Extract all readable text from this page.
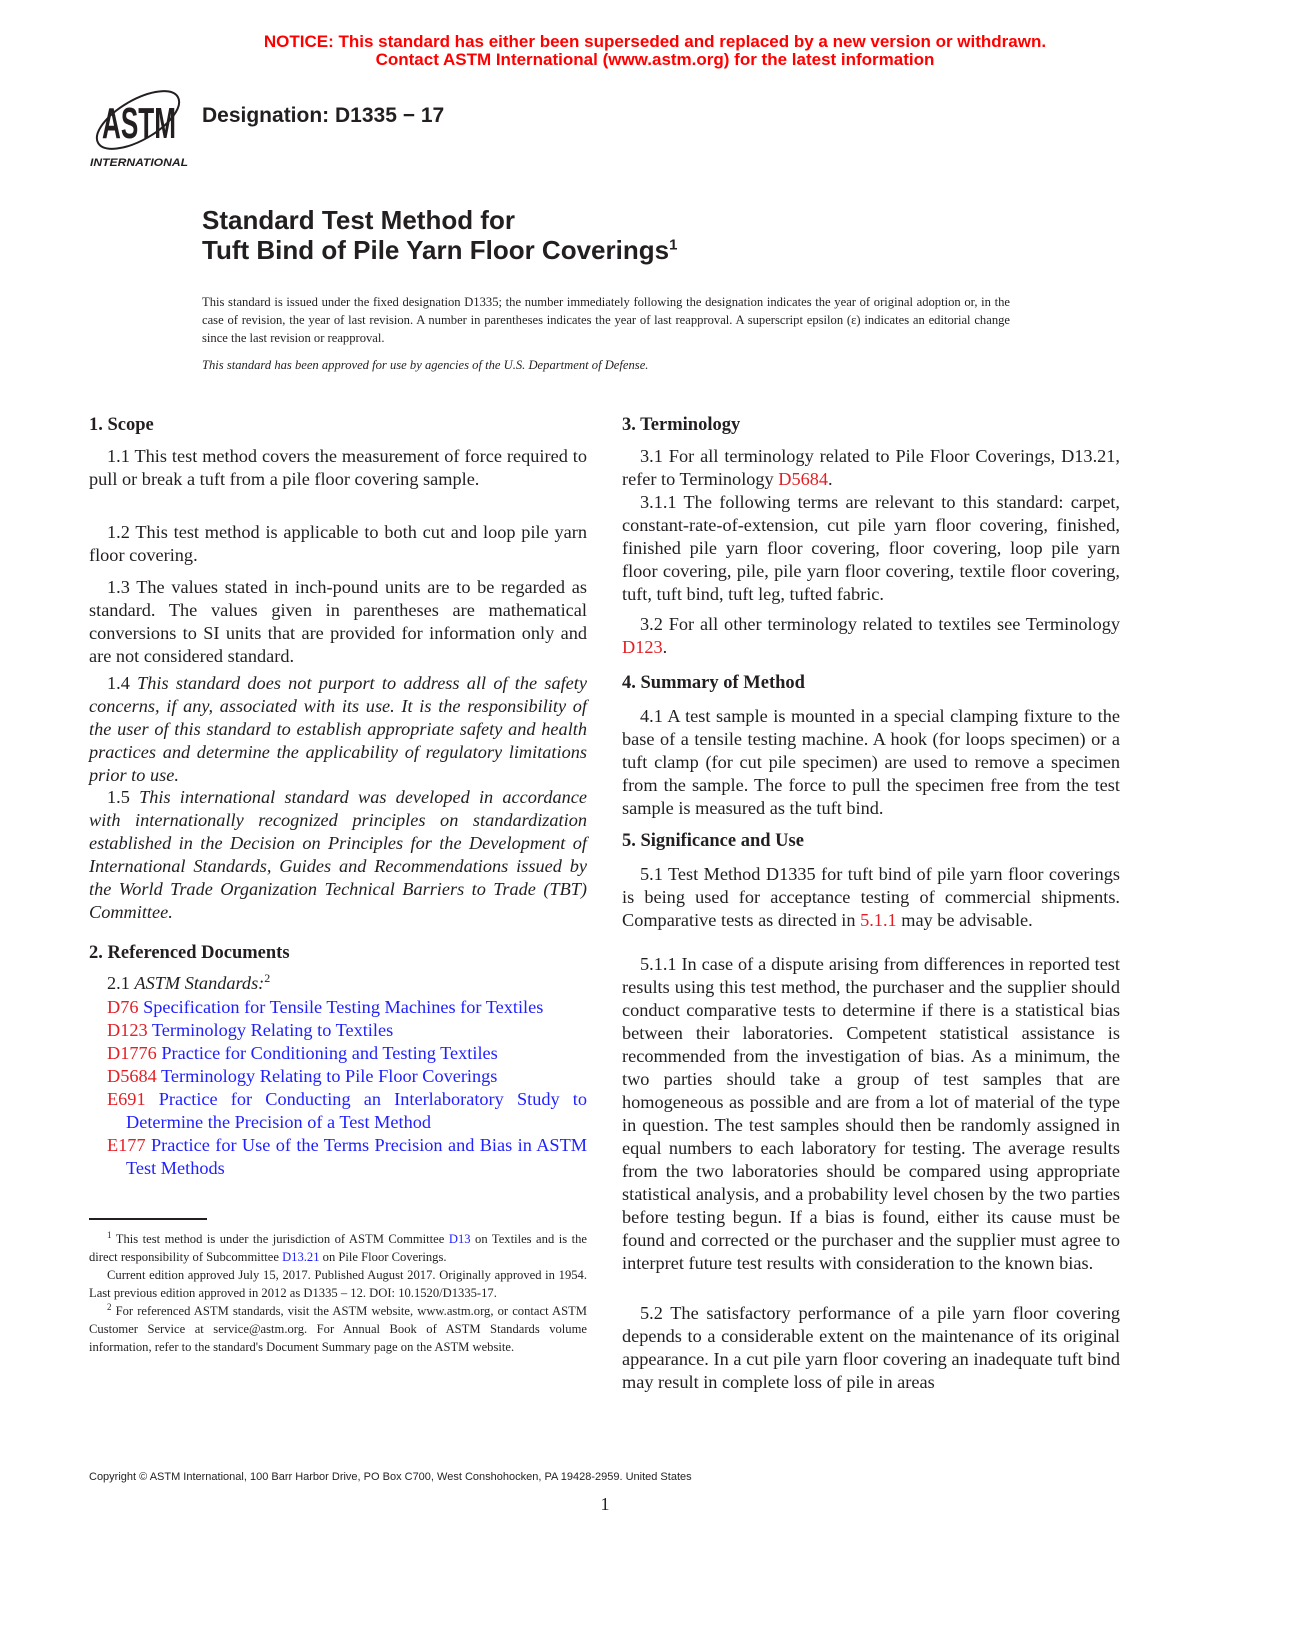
NOTICE: This standard has either been superseded and replaced by a new version or withdrawn.
Contact ASTM International (www.astm.org) for the latest information
ASTM
INTERNATIONAL
Designation: D1335 − 17
Standard Test Method for
Tuft Bind of Pile Yarn Floor Coverings$^1$
This standard is issued under the fixed designation D1335; the number immediately following the designation indicates the year of original adoption or, in the case of revision, the year of last revision. A number in parentheses indicates the year of last reapproval. A superscript epsilon (ε) indicates an editorial change since the last revision or reapproval.
This standard has been approved for use by agencies of the U.S. Department of Defense.
1. Scope
1.1 This test method covers the measurement of force required to pull or break a tuft from a pile floor covering sample.
1.2 This test method is applicable to both cut and loop pile yarn floor covering.
1.3 The values stated in inch-pound units are to be regarded as standard. The values given in parentheses are mathematical conversions to SI units that are provided for information only and are not considered standard.
1.4 This standard does not purport to address all of the safety concerns, if any, associated with its use. It is the responsibility of the user of this standard to establish appropriate safety and health practices and determine the applicability of regulatory limitations prior to use.
1.5 This international standard was developed in accordance with internationally recognized principles on standardization established in the Decision on Principles for the Development of International Standards, Guides and Recommendations issued by the World Trade Organization Technical Barriers to Trade (TBT) Committee.
2. Referenced Documents
2.1 ASTM Standards:$^2$
D76 Specification for Tensile Testing Machines for Textiles
D123 Terminology Relating to Textiles
D1776 Practice for Conditioning and Testing Textiles
D5684 Terminology Relating to Pile Floor Coverings
E691 Practice for Conducting an Interlaboratory Study to Determine the Precision of a Test Method
E177 Practice for Use of the Terms Precision and Bias in ASTM Test Methods
$^1$ This test method is under the jurisdiction of ASTM Committee D13 on Textiles and is the direct responsibility of Subcommittee D13.21 on Pile Floor Coverings.
Current edition approved July 15, 2017. Published August 2017. Originally approved in 1954. Last previous edition approved in 2012 as D1335 – 12. DOI: 10.1520/D1335-17.
$^2$ For referenced ASTM standards, visit the ASTM website, www.astm.org, or contact ASTM Customer Service at service@astm.org. For Annual Book of ASTM Standards volume information, refer to the standard's Document Summary page on the ASTM website.
3. Terminology
3.1 For all terminology related to Pile Floor Coverings, D13.21, refer to Terminology D5684.
3.1.1 The following terms are relevant to this standard: carpet, constant-rate-of-extension, cut pile yarn floor covering, finished, finished pile yarn floor covering, floor covering, loop pile yarn floor covering, pile, pile yarn floor covering, textile floor covering, tuft, tuft bind, tuft leg, tufted fabric.
3.2 For all other terminology related to textiles see Terminology D123.
4. Summary of Method
4.1 A test sample is mounted in a special clamping fixture to the base of a tensile testing machine. A hook (for loops specimen) or a tuft clamp (for cut pile specimen) are used to remove a specimen from the sample. The force to pull the specimen free from the test sample is measured as the tuft bind.
5. Significance and Use
5.1 Test Method D1335 for tuft bind of pile yarn floor coverings is being used for acceptance testing of commercial shipments. Comparative tests as directed in 5.1.1 may be advisable.
5.1.1 In case of a dispute arising from differences in reported test results using this test method, the purchaser and the supplier should conduct comparative tests to determine if there is a statistical bias between their laboratories. Competent statistical assistance is recommended from the investigation of bias. As a minimum, the two parties should take a group of test samples that are homogeneous as possible and are from a lot of material of the type in question. The test samples should then be randomly assigned in equal numbers to each laboratory for testing. The average results from the two laboratories should be compared using appropriate statistical analysis, and a probability level chosen by the two parties before testing begun. If a bias is found, either its cause must be found and corrected or the purchaser and the supplier must agree to interpret future test results with consideration to the known bias.
5.2 The satisfactory performance of a pile yarn floor covering depends to a considerable extent on the maintenance of its original appearance. In a cut pile yarn floor covering an inadequate tuft bind may result in complete loss of pile in areas
Copyright © ASTM International, 100 Barr Harbor Drive, PO Box C700, West Conshohocken, PA 19428-2959. United States
1
